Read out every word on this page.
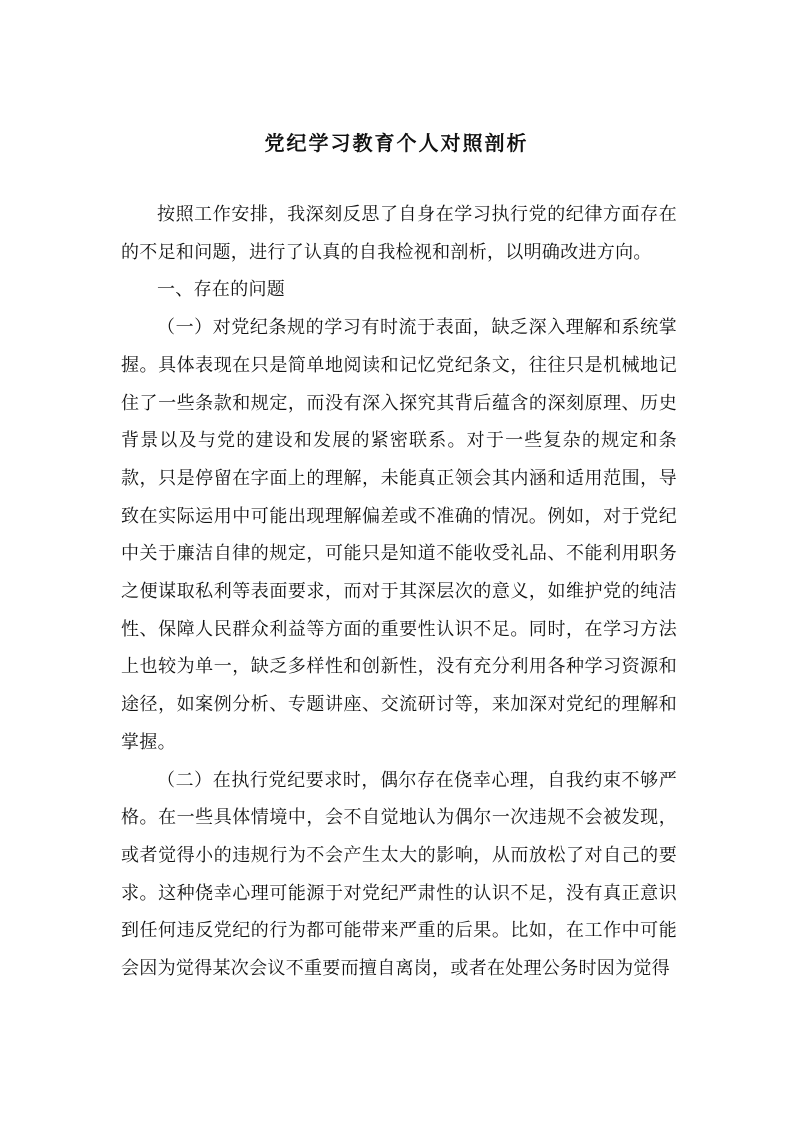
党纪学习教育个人对照剖析

按照工作安排，我深刻反思了自身在学习执行党的纪律方面存在的不足和问题，进行了认真的自我检视和剖析，以明确改进方向。

一、存在的问题

（一）对党纪条规的学习有时流于表面，缺乏深入理解和系统掌握。具体表现在只是简单地阅读和记忆党纪条文，往往只是机械地记住了一些条款和规定，而没有深入探究其背后蕴含的深刻原理、历史背景以及与党的建设和发展的紧密联系。对于一些复杂的规定和条款，只是停留在字面上的理解，未能真正领会其内涵和适用范围，导致在实际运用中可能出现理解偏差或不准确的情况。例如，对于党纪中关于廉洁自律的规定，可能只是知道不能收受礼品、不能利用职务之便谋取私利等表面要求，而对于其深层次的意义，如维护党的纯洁性、保障人民群众利益等方面的重要性认识不足。同时，在学习方法上也较为单一，缺乏多样性和创新性，没有充分利用各种学习资源和途径，如案例分析、专题讲座、交流研讨等，来加深对党纪的理解和掌握。

（二）在执行党纪要求时，偶尔存在侥幸心理，自我约束不够严格。在一些具体情境中，会不自觉地认为偶尔一次违规不会被发现，或者觉得小的违规行为不会产生太大的影响，从而放松了对自己的要求。这种侥幸心理可能源于对党纪严肃性的认识不足，没有真正意识到任何违反党纪的行为都可能带来严重的后果。比如，在工作中可能会因为觉得某次会议不重要而擅自离岗，或者在处理公务时因为觉得
